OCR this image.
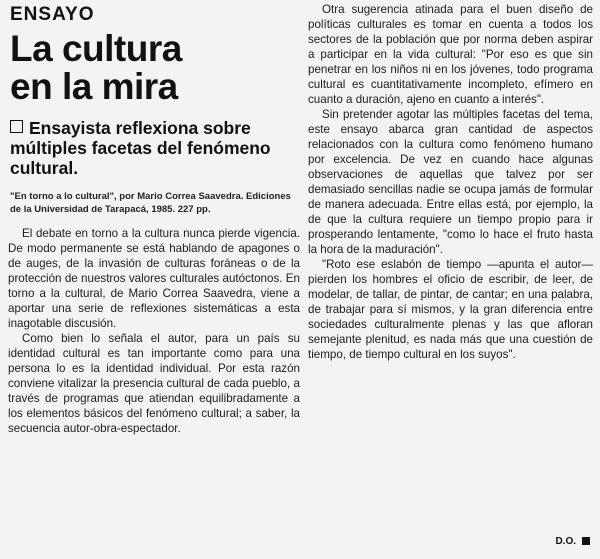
ENSAYO
La cultura
en la mira
Ensayista reflexiona sobre múltiples facetas del fenómeno cultural.
"En torno a lo cultural", por Mario Correa Saavedra. Ediciones de la Universidad de Tarapacá, 1985. 227 pp.

El debate en torno a la cultura nunca pierde vigencia. De modo permanente se está hablando de apagones o de auges, de la invasión de culturas foráneas o de la protección de nuestros valores culturales autóctonos. En torno a la cultural, de Mario Correa Saavedra, viene a aportar una serie de reflexiones sistemáticas a esta inagotable discusión.

Como bien lo señala el autor, para un país su identidad cultural es tan importante como para una persona lo es la identidad individual. Por esta razón conviene vitalizar la presencia cultural de cada pueblo, a través de programas que atiendan equilibradamente a los elementos básicos del fenómeno cultural; a saber, la secuencia autor-obra-espectador.

Otra sugerencia atinada para el buen diseño de políticas culturales es tomar en cuenta a todos los sectores de la población que por norma deben aspirar a participar en la vida cultural: "Por eso es que sin penetrar en los niños ni en los jóvenes, todo programa cultural es cuantitativamente incompleto, efímero en cuanto a duración, ajeno en cuanto a interés".

Sin pretender agotar las múltiples facetas del tema, este ensayo abarca gran cantidad de aspectos relacionados con la cultura como fenómeno humano por excelencia. De vez en cuando hace algunas observaciones de aquellas que talvez por ser demasiado sencillas nadie se ocupa jamás de formular de manera adecuada. Entre ellas está, por ejemplo, la de que la cultura requiere un tiempo propio para ir prosperando lentamente, "como lo hace el fruto hasta la hora de la maduración".

"Roto ese eslabón de tiempo —apunta el autor— pierden los hombres el oficio de escribir, de leer, de modelar, de tallar, de pintar, de cantar; en una palabra, de trabajar para sí mismos, y la gran diferencia entre sociedades culturalmente plenas y las que afloran semejante plenitud, es nada más que una cuestión de tiempo, de tiempo cultural en los suyos".

D.O.
